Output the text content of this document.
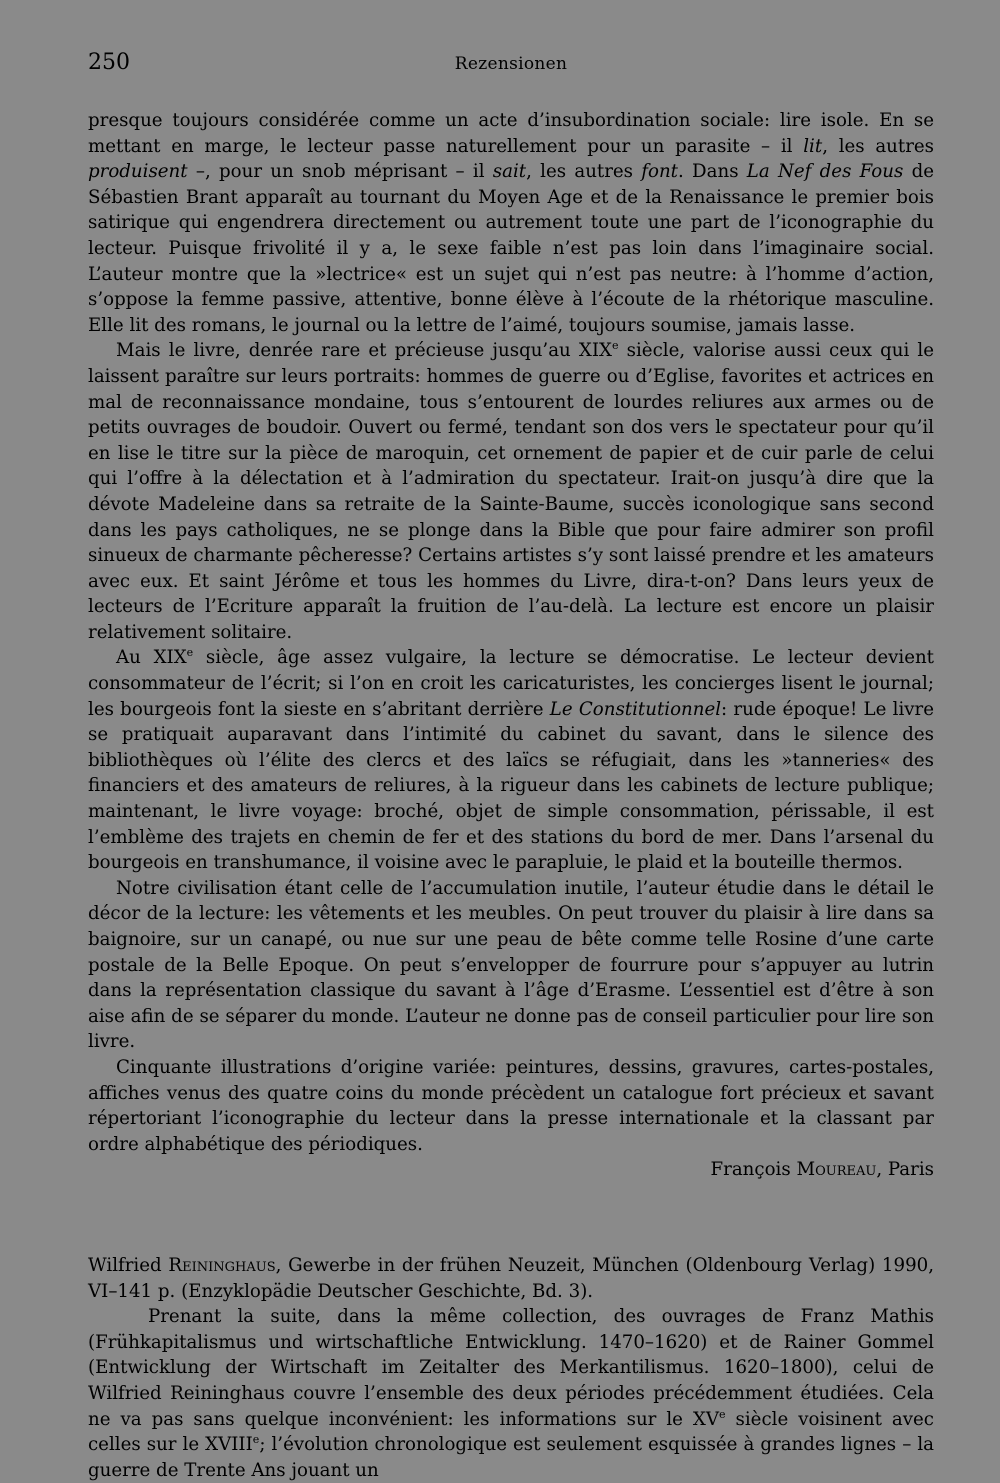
250	Rezensionen

presque toujours considérée comme un acte d’insubordination sociale: lire isole. En se mettant en marge, le lecteur passe naturellement pour un parasite – il lit, les autres produisent –, pour un snob méprisant – il sait, les autres font. Dans La Nef des Fous de Sébastien Brant apparaît au tournant du Moyen Age et de la Renaissance le premier bois satirique qui engendrera directement ou autrement toute une part de l’iconographie du lecteur. Puisque frivolité il y a, le sexe faible n’est pas loin dans l’imaginaire social. L’auteur montre que la »lectrice« est un sujet qui n’est pas neutre: à l’homme d’action, s’oppose la femme passive, attentive, bonne élève à l’écoute de la rhétorique masculine. Elle lit des romans, le journal ou la lettre de l’aimé, toujours soumise, jamais lasse.

Mais le livre, denrée rare et précieuse jusqu’au XIXe siècle, valorise aussi ceux qui le laissent paraître sur leurs portraits: hommes de guerre ou d’Eglise, favorites et actrices en mal de reconnaissance mondaine, tous s’entourent de lourdes reliures aux armes ou de petits ouvrages de boudoir. Ouvert ou fermé, tendant son dos vers le spectateur pour qu’il en lise le titre sur la pièce de maroquin, cet ornement de papier et de cuir parle de celui qui l’offre à la délectation et à l’admiration du spectateur. Irait-on jusqu’à dire que la dévote Madeleine dans sa retraite de la Sainte-Baume, succès iconologique sans second dans les pays catholiques, ne se plonge dans la Bible que pour faire admirer son profil sinueux de charmante pêcheresse? Certains artistes s’y sont laissé prendre et les amateurs avec eux. Et saint Jérôme et tous les hommes du Livre, dira-t-on? Dans leurs yeux de lecteurs de l’Ecriture apparaît la fruition de l’au-delà. La lecture est encore un plaisir relativement solitaire.

Au XIXe siècle, âge assez vulgaire, la lecture se démocratise. Le lecteur devient consommateur de l’écrit; si l’on en croit les caricaturistes, les concierges lisent le journal; les bourgeois font la sieste en s’abritant derrière Le Constitutionnel: rude époque! Le livre se pratiquait auparavant dans l’intimité du cabinet du savant, dans le silence des bibliothèques où l’élite des clercs et des laïcs se réfugiait, dans les »tanneries« des financiers et des amateurs de reliures, à la rigueur dans les cabinets de lecture publique; maintenant, le livre voyage: broché, objet de simple consommation, périssable, il est l’emblème des trajets en chemin de fer et des stations du bord de mer. Dans l’arsenal du bourgeois en transhumance, il voisine avec le parapluie, le plaid et la bouteille thermos.

Notre civilisation étant celle de l’accumulation inutile, l’auteur étudie dans le détail le décor de la lecture: les vêtements et les meubles. On peut trouver du plaisir à lire dans sa baignoire, sur un canapé, ou nue sur une peau de bête comme telle Rosine d’une carte postale de la Belle Epoque. On peut s’envelopper de fourrure pour s’appuyer au lutrin dans la représentation classique du savant à l’âge d’Erasme. L’essentiel est d’être à son aise afin de se séparer du monde. L’auteur ne donne pas de conseil particulier pour lire son livre.

Cinquante illustrations d’origine variée: peintures, dessins, gravures, cartes-postales, affiches venus des quatre coins du monde précèdent un catalogue fort précieux et savant répertoriant l’iconographie du lecteur dans la presse internationale et la classant par ordre alphabétique des périodiques.

François Moureau, Paris

Wilfried Reininghaus, Gewerbe in der frühen Neuzeit, München (Oldenbourg Verlag) 1990, VI–141 p. (Enzyklopädie Deutscher Geschichte, Bd. 3).

Prenant la suite, dans la même collection, des ouvrages de Franz Mathis (Frühkapitalismus und wirtschaftliche Entwicklung. 1470–1620) et de Rainer Gommel (Entwicklung der Wirtschaft im Zeitalter des Merkantilismus. 1620–1800), celui de Wilfried Reininghaus couvre l’ensemble des deux périodes précédemment étudiées. Cela ne va pas sans quelque inconvénient: les informations sur le XVe siècle voisinent avec celles sur le XVIIIe; l’évolution chronologique est seulement esquissée à grandes lignes – la guerre de Trente Ans jouant un
